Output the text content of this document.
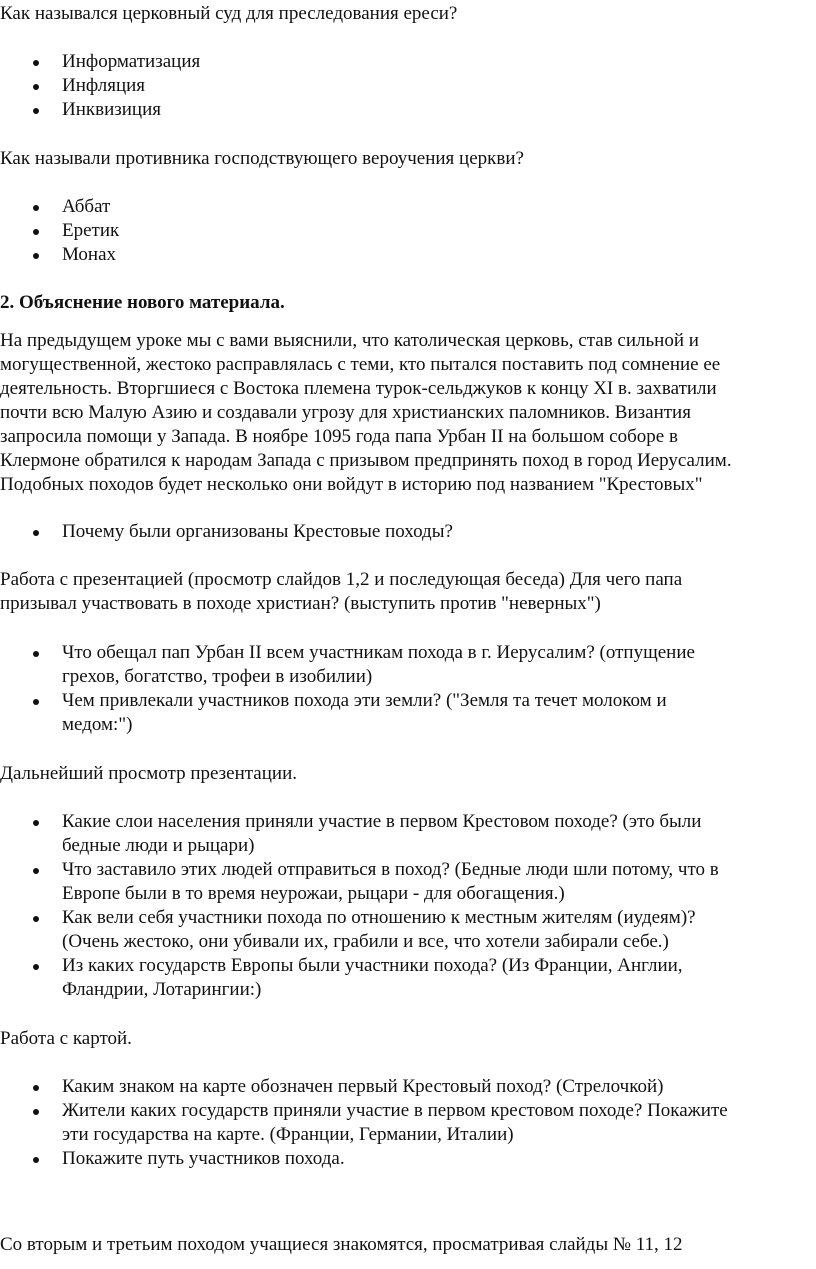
Как назывался церковный суд для преследования ереси?

Информатизация
Инфляция
Инквизиция

Как называли противника господствующего вероучения церкви?

Аббат
Еретик
Монах

2. Объяснение нового материала.

На предыдущем уроке мы с вами выяснили, что католическая церковь, став сильной и
могущественной, жестоко расправлялась с теми, кто пытался поставить под сомнение ее
деятельность. Вторгшиеся с Востока племена турок-сельджуков к концу XI в. захватили
почти всю Малую Азию и создавали угрозу для христианских паломников. Византия
запросила помощи у Запада. В ноябре 1095 года папа Урбан II на большом соборе в
Клермоне обратился к народам Запада с призывом предпринять поход в город Иерусалим.
Подобных походов будет несколько они войдут в историю под названием "Крестовых"
Почему были организованы Крестовые походы?
Работа с презентацией (просмотр слайдов 1,2 и последующая беседа) Для чего папа
призывал участвовать в походе христиан? (выступить против "неверных")
Что обещал пап Урбан II всем участникам похода в г. Иерусалим? (отпущение
грехов, богатство, трофеи в изобилии)
Чем привлекали участников похода эти земли? ("Земля та течет молоком и
медом:")

Дальнейший просмотр презентации.

Какие слои населения приняли участие в первом Крестовом походе? (это были
бедные люди и рыцари)
Что заставило этих людей отправиться в поход? (Бедные люди шли потому, что в
Европе были в то время неурожаи, рыцари - для обогащения.)
Как вели себя участники похода по отношению к местным жителям (иудеям)?
(Очень жестоко, они убивали их, грабили и все, что хотели забирали себе.)
Из каких государств Европы были участники похода? (Из Франции, Англии,
Фландрии, Лотарингии:)

Работа с картой.

Каким знаком на карте обозначен первый Крестовый поход? (Стрелочкой)
Жители каких государств приняли участие в первом крестовом походе? Покажите
эти государства на карте. (Франции, Германии, Италии)
Покажите путь участников похода.

Со вторым и третьим походом учащиеся знакомятся, просматривая слайды № 11, 12
